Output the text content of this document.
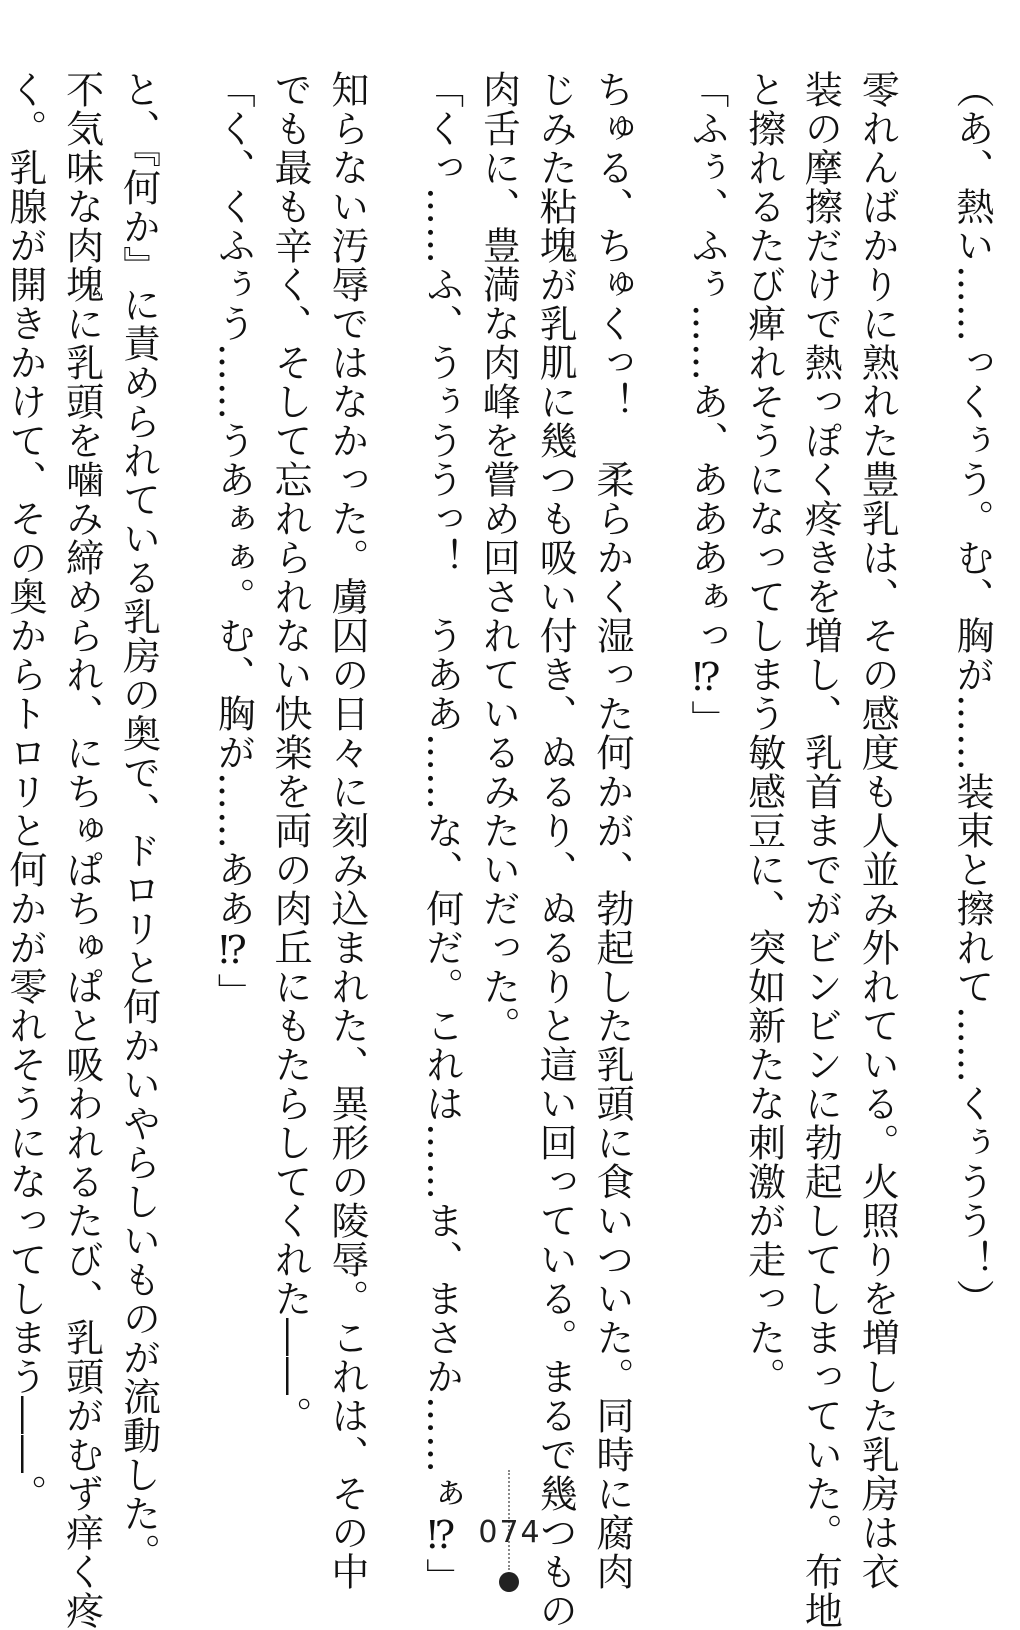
（あ、熱い……っくぅう。む、胸が……装束と擦れて……くぅうう！）
零れんばかりに熟れた豊乳は、その感度も人並み外れている。火照りを増した乳房は衣
装の摩擦だけで熱っぽく疼きを増し、乳首までがビンビンに勃起してしまっていた。布地
と擦れるたび痺れそうになってしまう敏感豆に、突如新たな刺激が走った。
「ふぅ、ふぅ……あ、あああぁっ⁉」
ちゅる、ちゅくっ！　柔らかく湿った何かが、勃起した乳頭に食いついた。同時に腐肉
じみた粘塊が乳肌に幾つも吸い付き、ぬるり、ぬるりと這い回っている。まるで幾つもの
肉舌に、豊満な肉峰を嘗め回されているみたいだった。
「くっ……ふ、うぅううっ！　うああ……な、何だ。これは……ま、まさか……ぁ⁉」
知らない汚辱ではなかった。虜囚の日々に刻み込まれた、異形の陵辱。これは、その中
でも最も辛く、そして忘れられない快楽を両の肉丘にもたらしてくれた――。
「く、くふぅう……うあぁぁ。む、胸が……ああ⁉」
と、『何か』に責められている乳房の奥で、ドロリと何かいやらしいものが流動した。
不気味な肉塊に乳頭を噛み締められ、にちゅぱちゅぱと吸われるたび、乳頭がむず痒く疼
く。乳腺が開きかけて、その奥からトロリと何かが零れそうになってしまう――。
074
